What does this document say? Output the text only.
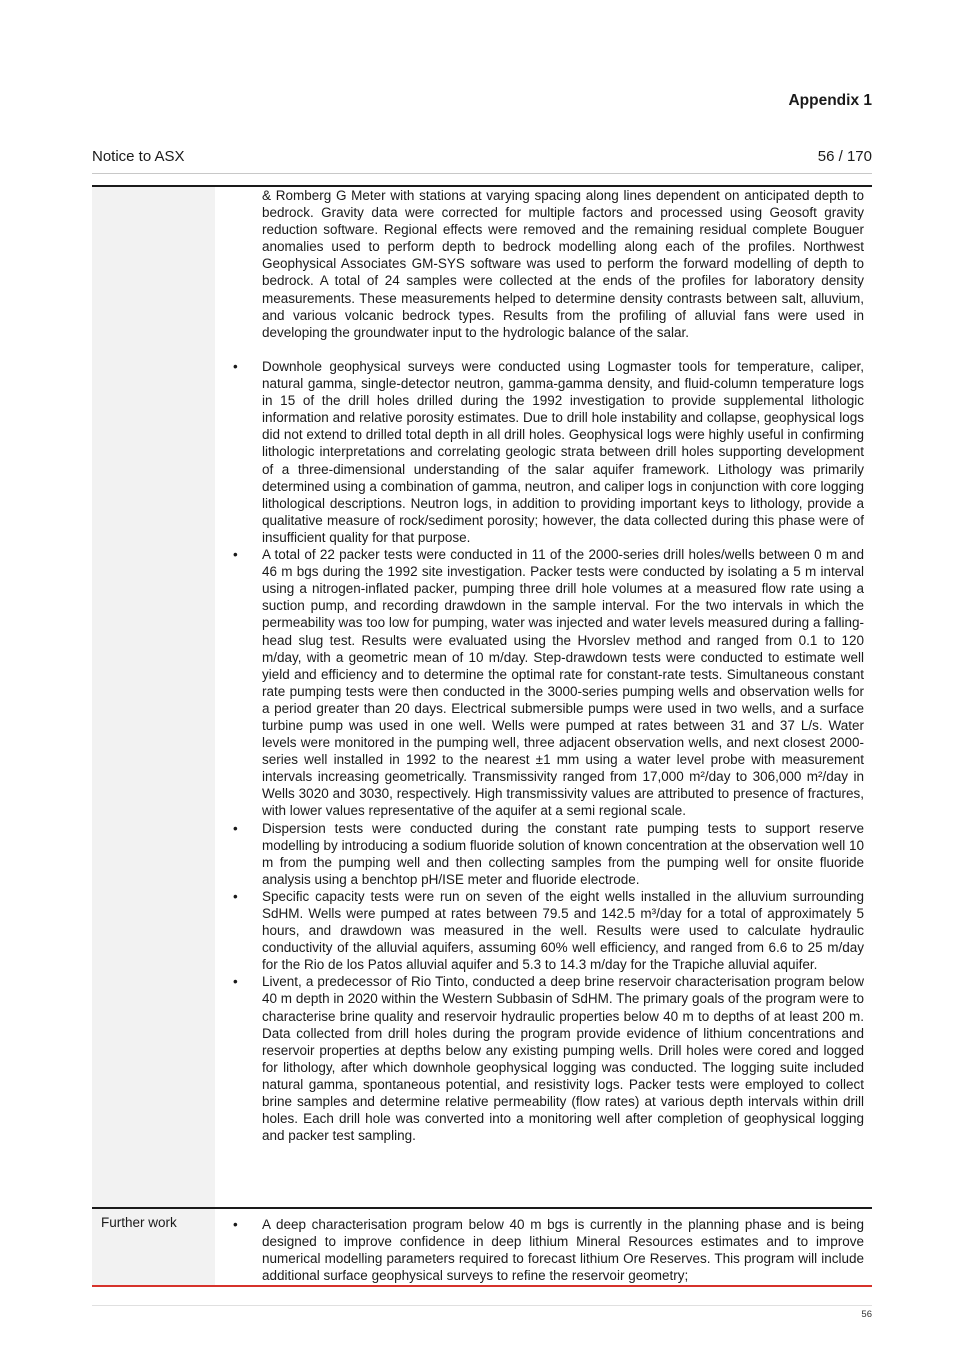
Appendix 1
Notice to ASX	56 / 170
& Romberg G Meter with stations at varying spacing along lines dependent on anticipated depth to bedrock. Gravity data were corrected for multiple factors and processed using Geosoft gravity reduction software. Regional effects were removed and the remaining residual complete Bouguer anomalies used to perform depth to bedrock modelling along each of the profiles. Northwest Geophysical Associates GM-SYS software was used to perform the forward modelling of depth to bedrock. A total of 24 samples were collected at the ends of the profiles for laboratory density measurements. These measurements helped to determine density contrasts between salt, alluvium, and various volcanic bedrock types. Results from the profiling of alluvial fans were used in developing the groundwater input to the hydrologic balance of the salar.
• Downhole geophysical surveys were conducted using Logmaster tools for temperature, caliper, natural gamma, single-detector neutron, gamma-gamma density, and fluid-column temperature logs in 15 of the drill holes drilled during the 1992 investigation to provide supplemental lithologic information and relative porosity estimates. Due to drill hole instability and collapse, geophysical logs did not extend to drilled total depth in all drill holes. Geophysical logs were highly useful in confirming lithologic interpretations and correlating geologic strata between drill holes supporting development of a three-dimensional understanding of the salar aquifer framework. Lithology was primarily determined using a combination of gamma, neutron, and caliper logs in conjunction with core logging lithological descriptions. Neutron logs, in addition to providing important keys to lithology, provide a qualitative measure of rock/sediment porosity; however, the data collected during this phase were of insufficient quality for that purpose.
• A total of 22 packer tests were conducted in 11 of the 2000-series drill holes/wells between 0 m and 46 m bgs during the 1992 site investigation. Packer tests were conducted by isolating a 5 m interval using a nitrogen-inflated packer, pumping three drill hole volumes at a measured flow rate using a suction pump, and recording drawdown in the sample interval. For the two intervals in which the permeability was too low for pumping, water was injected and water levels measured during a falling-head slug test. Results were evaluated using the Hvorslev method and ranged from 0.1 to 120 m/day, with a geometric mean of 10 m/day. Step-drawdown tests were conducted to estimate well yield and efficiency and to determine the optimal rate for constant-rate tests. Simultaneous constant rate pumping tests were then conducted in the 3000-series pumping wells and observation wells for a period greater than 20 days. Electrical submersible pumps were used in two wells, and a surface turbine pump was used in one well. Wells were pumped at rates between 31 and 37 L/s. Water levels were monitored in the pumping well, three adjacent observation wells, and next closest 2000-series well installed in 1992 to the nearest ±1 mm using a water level probe with measurement intervals increasing geometrically. Transmissivity ranged from 17,000 m²/day to 306,000 m²/day in Wells 3020 and 3030, respectively. High transmissivity values are attributed to presence of fractures, with lower values representative of the aquifer at a semi regional scale.
• Dispersion tests were conducted during the constant rate pumping tests to support reserve modelling by introducing a sodium fluoride solution of known concentration at the observation well 10 m from the pumping well and then collecting samples from the pumping well for onsite fluoride analysis using a benchtop pH/ISE meter and fluoride electrode.
• Specific capacity tests were run on seven of the eight wells installed in the alluvium surrounding SdHM. Wells were pumped at rates between 79.5 and 142.5 m³/day for a total of approximately 5 hours, and drawdown was measured in the well. Results were used to calculate hydraulic conductivity of the alluvial aquifers, assuming 60% well efficiency, and ranged from 6.6 to 25 m/day for the Rio de los Patos alluvial aquifer and 5.3 to 14.3 m/day for the Trapiche alluvial aquifer.
• Livent, a predecessor of Rio Tinto, conducted a deep brine reservoir characterisation program below 40 m depth in 2020 within the Western Subbasin of SdHM. The primary goals of the program were to characterise brine quality and reservoir hydraulic properties below 40 m to depths of at least 200 m. Data collected from drill holes during the program provide evidence of lithium concentrations and reservoir properties at depths below any existing pumping wells. Drill holes were cored and logged for lithology, after which downhole geophysical logging was conducted. The logging suite included natural gamma, spontaneous potential, and resistivity logs. Packer tests were employed to collect brine samples and determine relative permeability (flow rates) at various depth intervals within drill holes. Each drill hole was converted into a monitoring well after completion of geophysical logging and packer test sampling.
Further work	• A deep characterisation program below 40 m bgs is currently in the planning phase and is being designed to improve confidence in deep lithium Mineral Resources estimates and to improve numerical modelling parameters required to forecast lithium Ore Reserves. This program will include additional surface geophysical surveys to refine the reservoir geometry;
56
